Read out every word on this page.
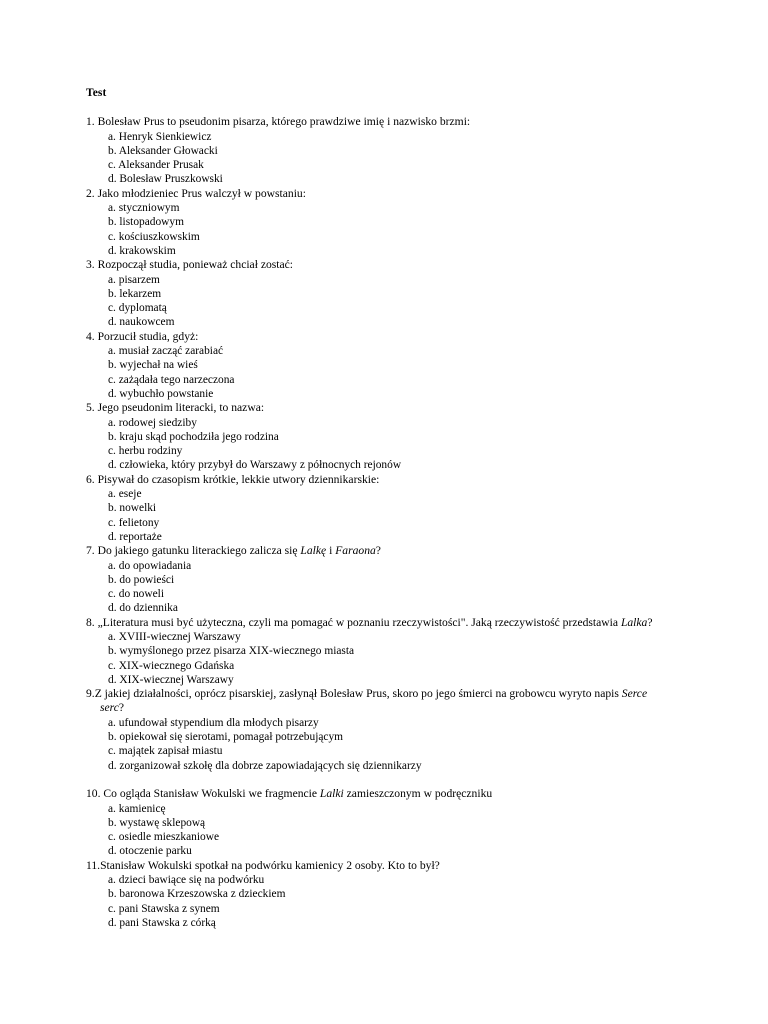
Test

1. Bolesław Prus to pseudonim pisarza, którego prawdziwe imię i nazwisko brzmi:

a. Henryk Sienkiewicz
b. Aleksander Głowacki
c. Aleksander Prusak
d. Bolesław Pruszkowski

2. Jako młodzieniec Prus walczył w powstaniu:

a. styczniowym
b. listopadowym
c. kościuszkowskim
d. krakowskim

3. Rozpoczął studia, ponieważ chciał zostać:

a. pisarzem
b. lekarzem
c. dyplomatą
d. naukowcem

4. Porzucił studia, gdyż:

a. musiał zacząć zarabiać
b. wyjechał na wieś
c. zażądała tego narzeczona
d. wybuchło powstanie

5. Jego pseudonim literacki, to nazwa:

a. rodowej siedziby
b. kraju skąd pochodziła jego rodzina
c. herbu rodziny
d. człowieka, który przybył do Warszawy z północnych rejonów

6. Pisywał do czasopism krótkie, lekkie utwory dziennikarskie:

a. eseje
b. nowelki
c. felietony
d. reportaże

7. Do jakiego gatunku literackiego zalicza się Lalkę i Faraona?

a. do opowiadania
b. do powieści
c. do noweli
d. do dziennika

8. „Literatura musi być użyteczna, czyli ma pomagać w poznaniu rzeczywistości". Jaką rzeczywistość przedstawia Lalka?

a. XVIII-wiecznej Warszawy
b. wymyślonego przez pisarza XIX-wiecznego miasta
c. XIX-wiecznego Gdańska
d. XIX-wiecznej Warszawy

9.Z jakiej działalności, oprócz pisarskiej, zasłynął Bolesław Prus, skoro po jego śmierci na grobowcu wyryto napis Serce serc?

a. ufundował stypendium dla młodych pisarzy
b. opiekował się sierotami, pomagał potrzebującym
c. majątek zapisał miastu
d. zorganizował szkołę dla dobrze zapowiadających się dziennikarzy

10. Co ogląda Stanisław Wokulski we fragmencie Lalki zamieszczonym w podręczniku

a. kamienicę
b. wystawę sklepową
c. osiedle mieszkaniowe
d. otoczenie parku

11.Stanisław Wokulski spotkał na podwórku kamienicy 2 osoby. Kto to był?

a. dzieci bawiące się na podwórku
b. baronowa Krzeszowska z dzieckiem
c. pani Stawska z synem
d. pani Stawska z córką
